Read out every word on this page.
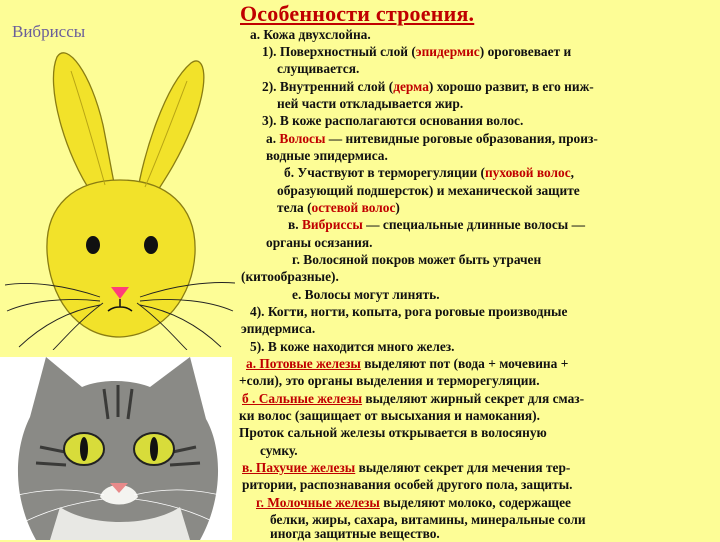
Особенности строения.
Вибриссы	а. Кожа двухслойна.
1). Поверхностный слой (эпидермис) ороговевает и
слущивается.
2). Внутренний слой (дерма) хорошо развит, в его ниж-
ней части откладывается жир.
3). В коже располагаются основания волос.
а. Волосы — нитевидные роговые образования, произ-
водные эпидермиса.
б. Участвуют в терморегуляции (пуховой волос,
образующий подшерсток) и механической защите
тела (остевой волос)
в. Вибриссы — специальные длинные волосы —
органы осязания.
г. Волосяной покров может быть утрачен
(китообразные).
е. Волосы могут линять.
4). Когти, ногти, копыта, рога роговые производные
эпидермиса.
5). В коже находится много желез.
а. Потовые железы выделяют пот (вода + мочевина +
+соли), это органы выделения и терморегуляции.
б . Сальные железы выделяют жирный секрет для смаз-
ки волос (защищает от высыхания и намокания).
Проток сальной железы открывается в волосяную
сумку.
в. Пахучие железы выделяют секрет для мечения тер-
ритории, распознавания особей другого пола, защиты.
г. Молочные железы выделяют молоко, содержащее
белки, жиры, сахара, витамины, минеральные соли
иногда защитные вещество.
